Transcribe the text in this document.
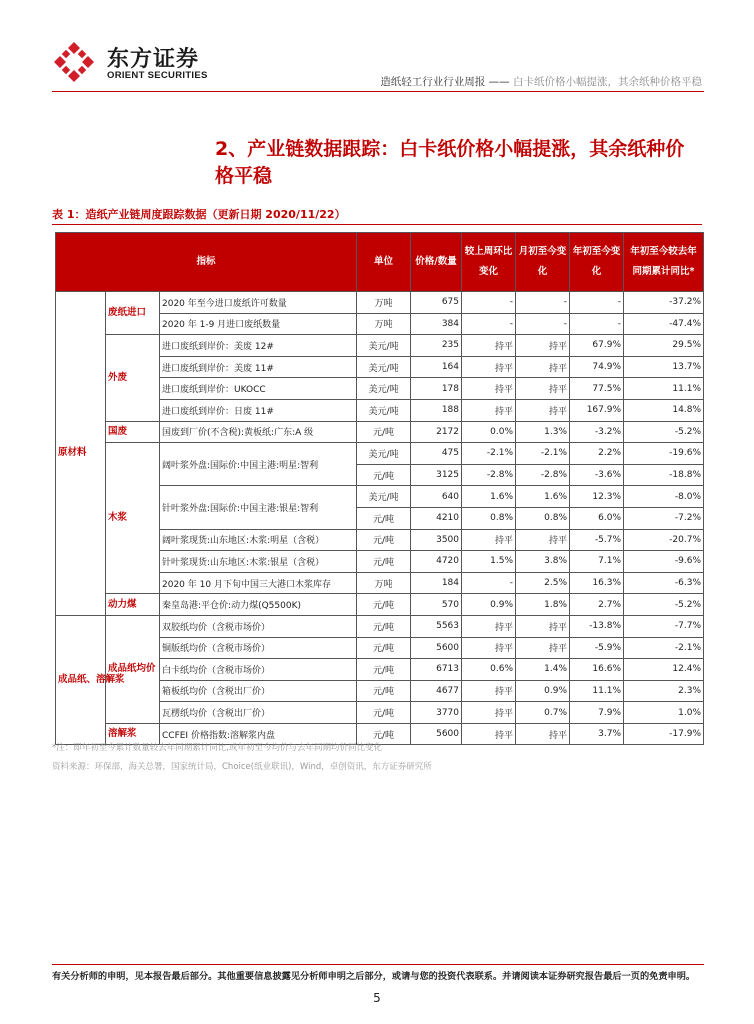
东方证券
ORIENT SECURITIES
造纸轻工行业行业周报 —— 白卡纸价格小幅提涨，其余纸种价格平稳
2、产业链数据跟踪：白卡纸价格小幅提涨，其余纸种价格平稳
表 1：造纸产业链周度跟踪数据（更新日期 2020/11/22）
指标			单位	价格/数量	较上周环比变化	月初至今变化	年初至今变化	年初至今较去年同期累计同比*
原材料	废纸进口	2020 年至今进口废纸许可数量	万吨	675	-	-	-	-37.2%
		2020 年 1-9 月进口废纸数量	万吨	384	-	-	-	-47.4%
	外废	进口废纸到岸价：美废 12#	美元/吨	235	持平	持平	67.9%	29.5%
		进口废纸到岸价：美废 11#	美元/吨	164	持平	持平	74.9%	13.7%
		进口废纸到岸价：UKOCC	美元/吨	178	持平	持平	77.5%	11.1%
		进口废纸到岸价：日废 11#	美元/吨	188	持平	持平	167.9%	14.8%
	国废	国废到厂价(不含税):黄板纸:广东:A 级	元/吨	2172	0.0%	1.3%	-3.2%	-5.2%
	木浆	阔叶浆外盘:国际价:中国主港:明星:智利	美元/吨	475	-2.1%	-2.1%	2.2%	-19.6%
			元/吨	3125	-2.8%	-2.8%	-3.6%	-18.8%
		针叶浆外盘:国际价:中国主港:银星:智利	美元/吨	640	1.6%	1.6%	12.3%	-8.0%
			元/吨	4210	0.8%	0.8%	6.0%	-7.2%
		阔叶浆现货:山东地区:木浆:明星（含税）	元/吨	3500	持平	持平	-5.7%	-20.7%
		针叶浆现货:山东地区:木浆:银星（含税）	元/吨	4720	1.5%	3.8%	7.1%	-9.6%
		2020 年 10 月下旬中国三大港口木浆库存	万吨	184	-	2.5%	16.3%	-6.3%
	动力煤	秦皇岛港:平仓价:动力煤(Q5500K)	元/吨	570	0.9%	1.8%	2.7%	-5.2%
成品纸、溶解浆	成品纸均价	双胶纸均价（含税市场价）	元/吨	5563	持平	持平	-13.8%	-7.7%
		铜版纸均价（含税市场价）	元/吨	5600	持平	持平	-5.9%	-2.1%
		白卡纸均价（含税市场价）	元/吨	6713	0.6%	1.4%	16.6%	12.4%
		箱板纸均价（含税出厂价）	元/吨	4677	持平	0.9%	11.1%	2.3%
		瓦楞纸均价（含税出厂价）	元/吨	3770	持平	0.7%	7.9%	1.0%
	溶解浆	CCFEI 价格指数:溶解浆内盘	元/吨	5600	持平	持平	3.7%	-17.9%
*注：即年初至今累计数量较去年同期累计同比,或年初至今均价与去年同期均价同比变化
资料来源：环保部，海关总署，国家统计局，Choice(纸业联讯)，Wind，卓创资讯，东方证券研究所
有关分析师的申明，见本报告最后部分。其他重要信息披露见分析师申明之后部分，或请与您的投资代表联系。并请阅读本证券研究报告最后一页的免责申明。
5
